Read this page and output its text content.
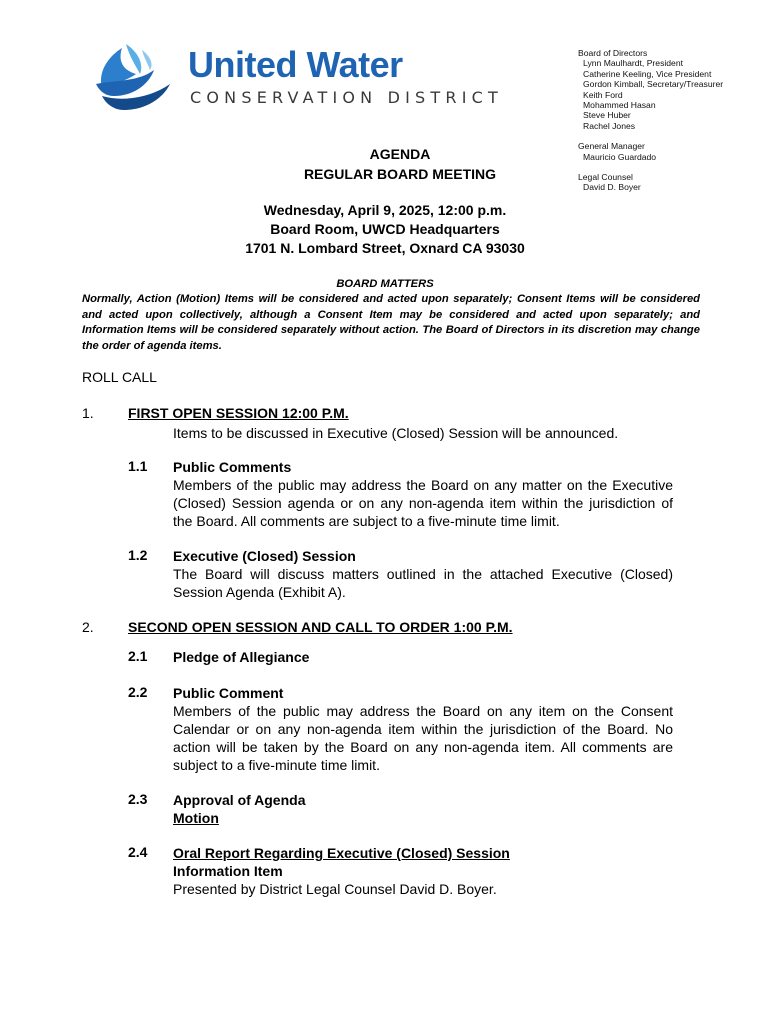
United Water
CONSERVATION DISTRICT
Board of Directors
Lynn Maulhardt, President
Catherine Keeling, Vice President
Gordon Kimball, Secretary/Treasurer
Keith Ford
Mohammed Hasan
Steve Huber
Rachel Jones
General Manager
Mauricio Guardado
Legal Counsel
David D. Boyer
AGENDA
REGULAR BOARD MEETING
Wednesday, April 9, 2025, 12:00 p.m.
Board Room, UWCD Headquarters
1701 N. Lombard Street, Oxnard CA 93030
BOARD MATTERS
Normally, Action (Motion) Items will be considered and acted upon separately; Consent Items will be considered and acted upon collectively, although a Consent Item may be considered and acted upon separately; and Information Items will be considered separately without action. The Board of Directors in its discretion may change the order of agenda items.
ROLL CALL
1. FIRST OPEN SESSION 12:00 P.M.
Items to be discussed in Executive (Closed) Session will be announced.
1.1 Public Comments
Members of the public may address the Board on any matter on the Executive (Closed) Session agenda or on any non-agenda item within the jurisdiction of the Board. All comments are subject to a five-minute time limit.
1.2 Executive (Closed) Session
The Board will discuss matters outlined in the attached Executive (Closed) Session Agenda (Exhibit A).
2. SECOND OPEN SESSION AND CALL TO ORDER 1:00 P.M.
2.1 Pledge of Allegiance
2.2 Public Comment
Members of the public may address the Board on any item on the Consent Calendar or on any non-agenda item within the jurisdiction of the Board. No action will be taken by the Board on any non-agenda item. All comments are subject to a five-minute time limit.
2.3 Approval of Agenda
Motion
2.4 Oral Report Regarding Executive (Closed) Session
Information Item
Presented by District Legal Counsel David D. Boyer.
